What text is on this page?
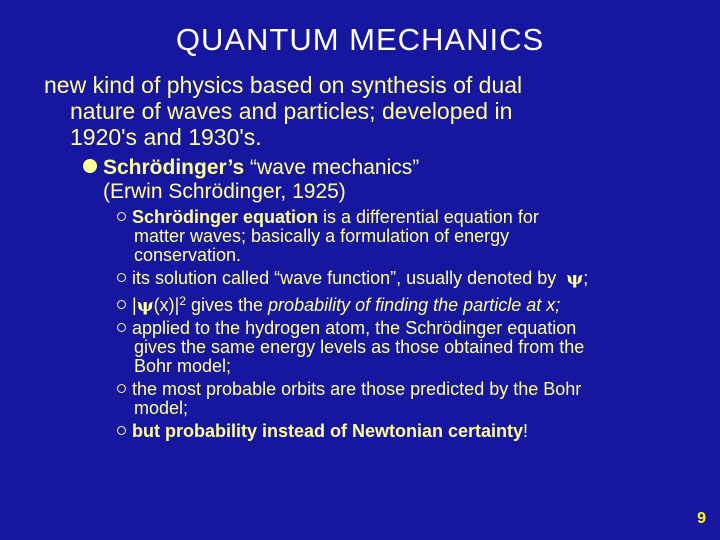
QUANTUM MECHANICS
new kind of physics based on synthesis of dual
nature of waves and particles; developed in
1920's and 1930's.
Schrödinger’s “wave mechanics”
(Erwin Schrödinger, 1925)
Schrödinger equation is a differential equation for
matter waves; basically a formulation of energy
conservation.
its solution called “wave function”, usually denoted by ψ;
$|\psi(x)|^2$ gives the probability of finding the particle at x;
applied to the hydrogen atom, the Schrödinger equation
gives the same energy levels as those obtained from the
Bohr model;
the most probable orbits are those predicted by the Bohr
model;
but probability instead of Newtonian certainty!
9
